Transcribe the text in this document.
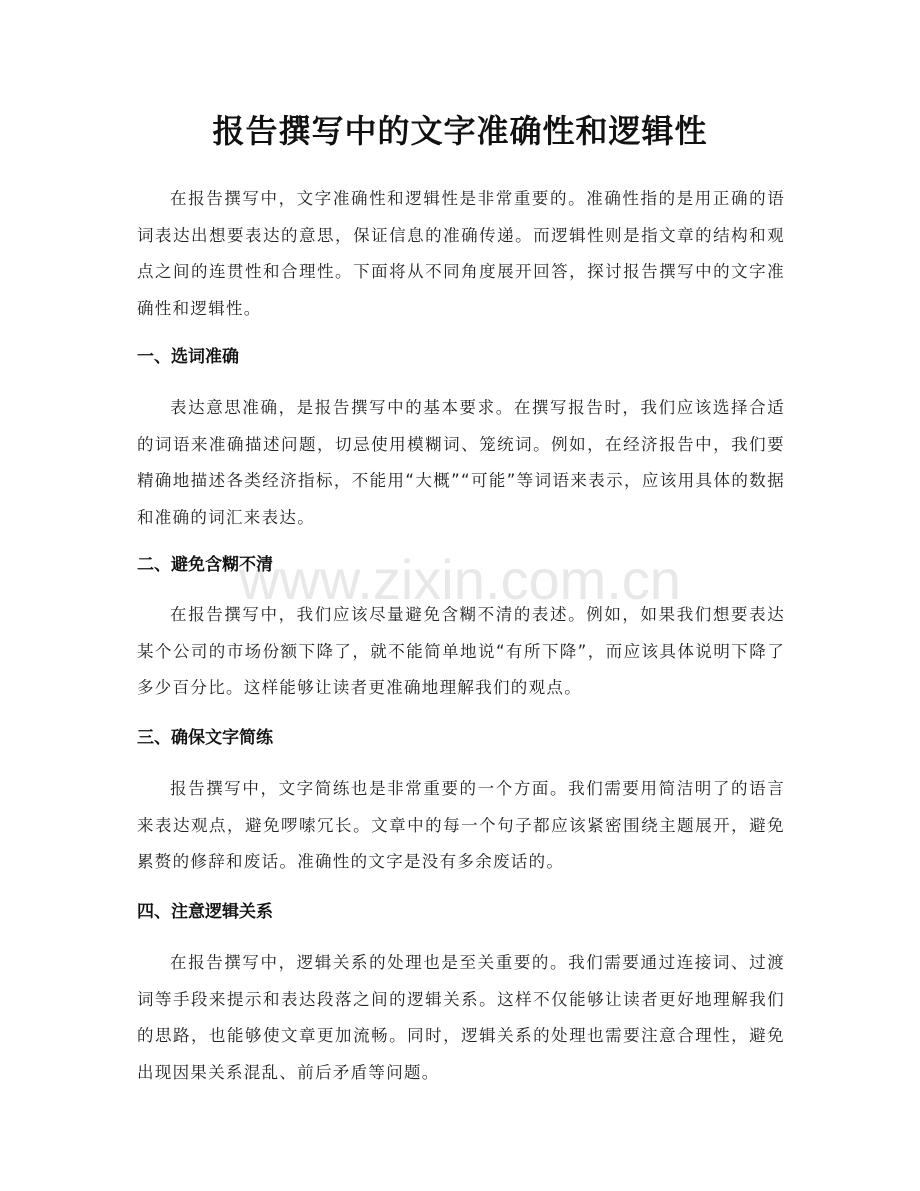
报告撰写中的文字准确性和逻辑性

在报告撰写中，文字准确性和逻辑性是非常重要的。准确性指的是用正确的语词表达出想要表达的意思，保证信息的准确传递。而逻辑性则是指文章的结构和观点之间的连贯性和合理性。下面将从不同角度展开回答，探讨报告撰写中的文字准确性和逻辑性。

一、选词准确

表达意思准确，是报告撰写中的基本要求。在撰写报告时，我们应该选择合适的词语来准确描述问题，切忌使用模糊词、笼统词。例如，在经济报告中，我们要精确地描述各类经济指标，不能用“大概”“可能”等词语来表示，应该用具体的数据和准确的词汇来表达。

二、避免含糊不清

在报告撰写中，我们应该尽量避免含糊不清的表述。例如，如果我们想要表达某个公司的市场份额下降了，就不能简单地说“有所下降”，而应该具体说明下降了多少百分比。这样能够让读者更准确地理解我们的观点。

三、确保文字简练

报告撰写中，文字简练也是非常重要的一个方面。我们需要用简洁明了的语言来表达观点，避免啰嗦冗长。文章中的每一个句子都应该紧密围绕主题展开，避免累赘的修辞和废话。准确性的文字是没有多余废话的。

四、注意逻辑关系

在报告撰写中，逻辑关系的处理也是至关重要的。我们需要通过连接词、过渡词等手段来提示和表达段落之间的逻辑关系。这样不仅能够让读者更好地理解我们的思路，也能够使文章更加流畅。同时，逻辑关系的处理也需要注意合理性，避免出现因果关系混乱、前后矛盾等问题。

www.zixin.com.cn
